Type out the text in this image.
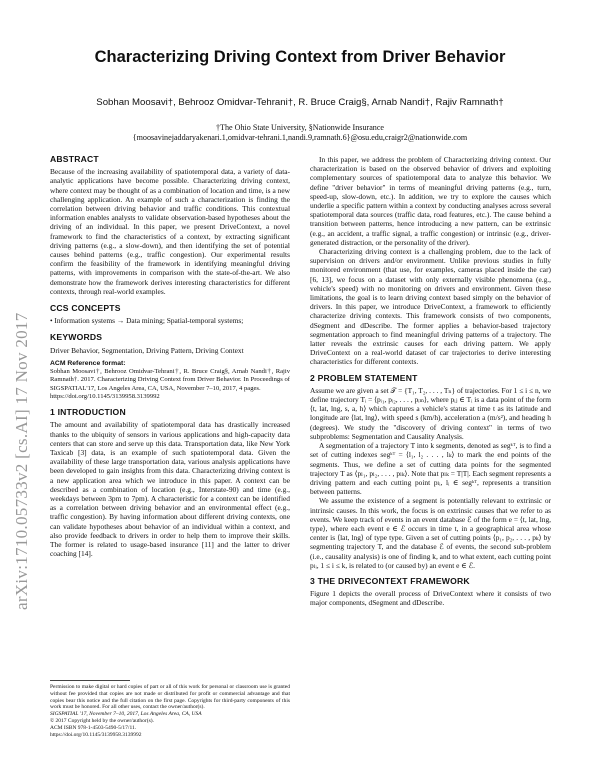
arXiv:1710.05733v2 [cs.AI] 17 Nov 2017
Characterizing Driving Context from Driver Behavior
Sobhan Moosavi†, Behrooz Omidvar-Tehrani†, R. Bruce Craig§, Arnab Nandi†, Rajiv Ramnath†
†The Ohio State University, §Nationwide Insurance
{moosavinejaddaryakenari.1,omidvar-tehrani.1,nandi.9,ramnath.6}@osu.edu,craigr2@nationwide.com
ABSTRACT

Because of the increasing availability of spatiotemporal data, a variety of data-analytic applications have become possible. Characterizing driving context, where context may be thought of as a combination of location and time, is a new challenging application. An example of such a characterization is finding the correlation between driving behavior and traffic conditions. This contextual information enables analysts to validate observation-based hypotheses about the driving of an individual. In this paper, we present DriveContext, a novel framework to find the characteristics of a context, by extracting significant driving patterns (e.g., a slow-down), and then identifying the set of potential causes behind patterns (e.g., traffic congestion). Our experimental results confirm the feasibility of the framework in identifying meaningful driving patterns, with improvements in comparison with the state-of-the-art. We also demonstrate how the framework derives interesting characteristics for different contexts, through real-world examples.

CCS CONCEPTS

• Information systems → Data mining; Spatial-temporal systems;

KEYWORDS

Driver Behavior, Segmentation, Driving Pattern, Driving Context

ACM Reference format:

Sobhan Moosavi†, Behrooz Omidvar-Tehrani†, R. Bruce Craig§, Arnab Nandi†, Rajiv Ramnath†. 2017. Characterizing Driving Context from Driver Behavior. In Proceedings of SIGSPATIAL'17, Los Angeles Area, CA, USA, November 7–10, 2017, 4 pages.

https://doi.org/10.1145/3139958.3139992

1 INTRODUCTION

The amount and availability of spatiotemporal data has drastically increased thanks to the ubiquity of sensors in various applications and high-capacity data centers that can store and serve up this data. Transportation data, like New York Taxicab [3] data, is an example of such spatiotemporal data. Given the availability of these large transportation data, various analysis applications have been developed to gain insights from this data. Characterizing driving context is a new application area which we introduce in this paper. A context can be described as a combination of location (e.g., Interstate-90) and time (e.g., weekdays between 3pm to 7pm). A characteristic for a context can be identified as a correlation between driving behavior and an environmental effect (e.g., traffic congestion). By having information about different driving contexts, one can validate hypotheses about behavior of an individual within a context, and also provide feedback to drivers in order to help them to improve their skills. The former is related to usage-based insurance [11] and the latter to driver coaching [14].

Permission to make digital or hard copies of part or all of this work for personal or classroom use is granted without fee provided that copies are not made or distributed for profit or commercial advantage and that copies bear this notice and the full citation on the first page. Copyrights for third-party components of this work must be honored. For all other uses, contact the owner/author(s).

SIGSPATIAL '17, November 7–10, 2017, Los Angeles Area, CA, USA

© 2017 Copyright held by the owner/author(s).

ACM ISBN 978-1-4503-5490-5/17/11.

https://doi.org/10.1145/3139958.3139992

In this paper, we address the problem of Characterizing driving context. Our characterization is based on the observed behavior of drivers and exploiting complementary sources of spatiotemporal data to analyze this behavior. We define "driver behavior" in terms of meaningful driving patterns (e.g., turn, speed-up, slow-down, etc.). In addition, we try to explore the causes which underlie a specific pattern within a context by conducting analyses across several spatiotemporal data sources (traffic data, road features, etc.). The cause behind a transition between patterns, hence introducing a new pattern, can be extrinsic (e.g., an accident, a traffic signal, a traffic congestion) or intrinsic (e.g., driver-generated distraction, or the personality of the driver).

Characterizing driving context is a challenging problem, due to the lack of supervision on drivers and/or environment. Unlike previous studies in fully monitored environment (that use, for examples, cameras placed inside the car) [6, 13], we focus on a dataset with only externally visible phenomena (e.g., vehicle's speed) with no monitoring on drivers and environment. Given these limitations, the goal is to learn driving context based simply on the behavior of drivers. In this paper, we introduce DriveContext, a framework to efficiently characterize driving contexts. This framework consists of two components, dSegment and dDescribe. The former applies a behavior-based trajectory segmentation approach to find meaningful driving patterns of a trajectory. The latter reveals the extrinsic causes for each driving pattern. We apply DriveContext on a real-world dataset of car trajectories to derive interesting characteristics for different contexts.

2 PROBLEM STATEMENT

Assume we are given a set 𝒯 = {T₁, T₂, . . . , Tₙ} of trajectories. For 1 ≤ i ≤ n, we define trajectory Tᵢ = ⟨pᵢ₁, pᵢ₂, . . . , pᵢₘ⟩, where pᵢⱼ ∈ Tᵢ is a data point of the form ⟨t, lat, lng, s, a, h⟩ which captures a vehicle's status at time t as its latitude and longitude are ⟨lat, lng⟩, with speed s (km/h), acceleration a (m/s²), and heading h (degrees). We study the "discovery of driving context" in terms of two subproblems: Segmentation and Causality Analysis.

A segmentation of a trajectory T into k segments, denoted as segᵏᵀ, is to find a set of cutting indexes segᵏᵀ = ⟨l₁, l₂ . . . , lₖ⟩ to mark the end points of the segments. Thus, we define a set of cutting data points for the segmented trajectory T as ⟨pₗ₁, pₗ₂, . . . , pₗₖ⟩. Note that pₗₖ = T|T|. Each segment represents a driving pattern and each cutting point pₗᵢ, lᵢ ∈ segᵏᵀ, represents a transition between patterns.

We assume the existence of a segment is potentially relevant to extrinsic or intrinsic causes. In this work, the focus is on extrinsic causes that we refer to as events. We keep track of events in an event database ℰ of the form e = ⟨t, lat, lng, type⟩, where each event e ∈ ℰ occurs in time t, in a geographical area whose center is ⟨lat, lng⟩ of type type. Given a set of cutting points ⟨p₁, p₂, . . . , pₖ⟩ by segmenting trajectory T, and the database ℰ of events, the second sub-problem (i.e., causality analysis) is one of finding k, and to what extent, each cutting point pₗᵢ, 1 ≤ i ≤ k, is related to (or caused by) an event e ∈ ℰ.

3 THE DRIVECONTEXT FRAMEWORK

Figure 1 depicts the overall process of DriveContext where it consists of two major components, dSegment and dDescribe.
